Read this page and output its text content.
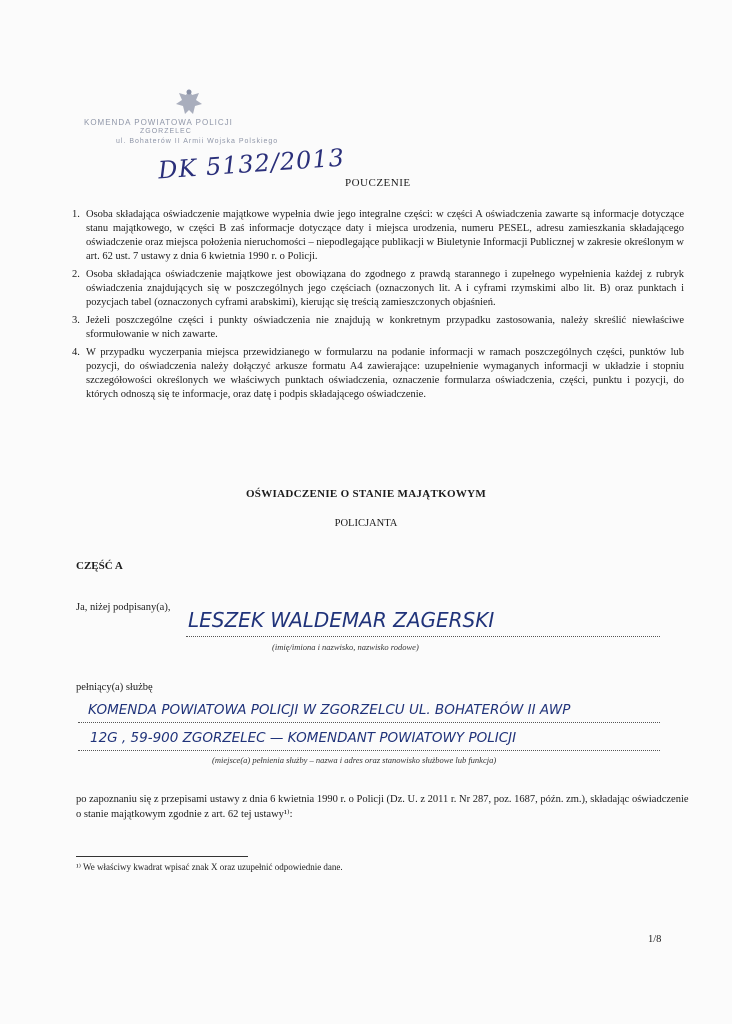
KOMENDA POWIATOWA POLICJI
ZGORZELEC
ul. Bohaterów II Armii Wojska Polskiego
DK 5132/2013 POUCZENIE
1. Osoba składająca oświadczenie majątkowe wypełnia dwie jego integralne części: w części A oświadczenia zawarte są informacje dotyczące stanu majątkowego, w części B zaś informacje dotyczące daty i miejsca urodzenia, numeru PESEL, adresu zamieszkania składającego oświadczenie oraz miejsca położenia nieruchomości – niepodlegające publikacji w Biuletynie Informacji Publicznej w zakresie określonym w art. 62 ust. 7 ustawy z dnia 6 kwietnia 1990 r. o Policji.
2. Osoba składająca oświadczenie majątkowe jest obowiązana do zgodnego z prawdą starannego i zupełnego wypełnienia każdej z rubryk oświadczenia znajdujących się w poszczególnych jego częściach (oznaczonych lit. A i cyframi rzymskimi albo lit. B) oraz punktach i pozycjach tabel (oznaczonych cyframi arabskimi), kierując się treścią zamieszczonych objaśnień.
3. Jeżeli poszczególne części i punkty oświadczenia nie znajdują w konkretnym przypadku zastosowania, należy skreślić niewłaściwe sformułowanie w nich zawarte.
4. W przypadku wyczerpania miejsca przewidzianego w formularzu na podanie informacji w ramach poszczególnych części, punktów lub pozycji, do oświadczenia należy dołączyć arkusze formatu A4 zawierające: uzupełnienie wymaganych informacji w układzie i stopniu szczegółowości określonych we właściwych punktach oświadczenia, oznaczenie formularza oświadczenia, części, punktu i pozycji, do których odnoszą się te informacje, oraz datę i podpis składającego oświadczenie.
OŚWIADCZENIE O STANIE MAJĄTKOWYM
POLICJANTA
CZĘŚĆ A
Ja, niżej podpisany(a),
LESZEK WALDEMAR ZAGERSKI
(imię/imiona i nazwisko, nazwisko rodowe)
pełniący(a) służbę
KOMENDA POWIATOWA POLICJI W ZGORZELCU UL. BOHATERÓW II AWP
12G , 59-900 ZGORZELEC — KOMENDANT POWIATOWY POLICJI
(miejsce(a) pełnienia służby – nazwa i adres oraz stanowisko służbowe lub funkcja)
po zapoznaniu się z przepisami ustawy z dnia 6 kwietnia 1990 r. o Policji (Dz. U. z 2011 r. Nr 287, poz. 1687, późn. zm.), składając oświadczenie o stanie majątkowym zgodnie z art. 62 tej ustawy¹⁾:
¹⁾ We właściwy kwadrat wpisać znak X oraz uzupełnić odpowiednie dane.
1/8
